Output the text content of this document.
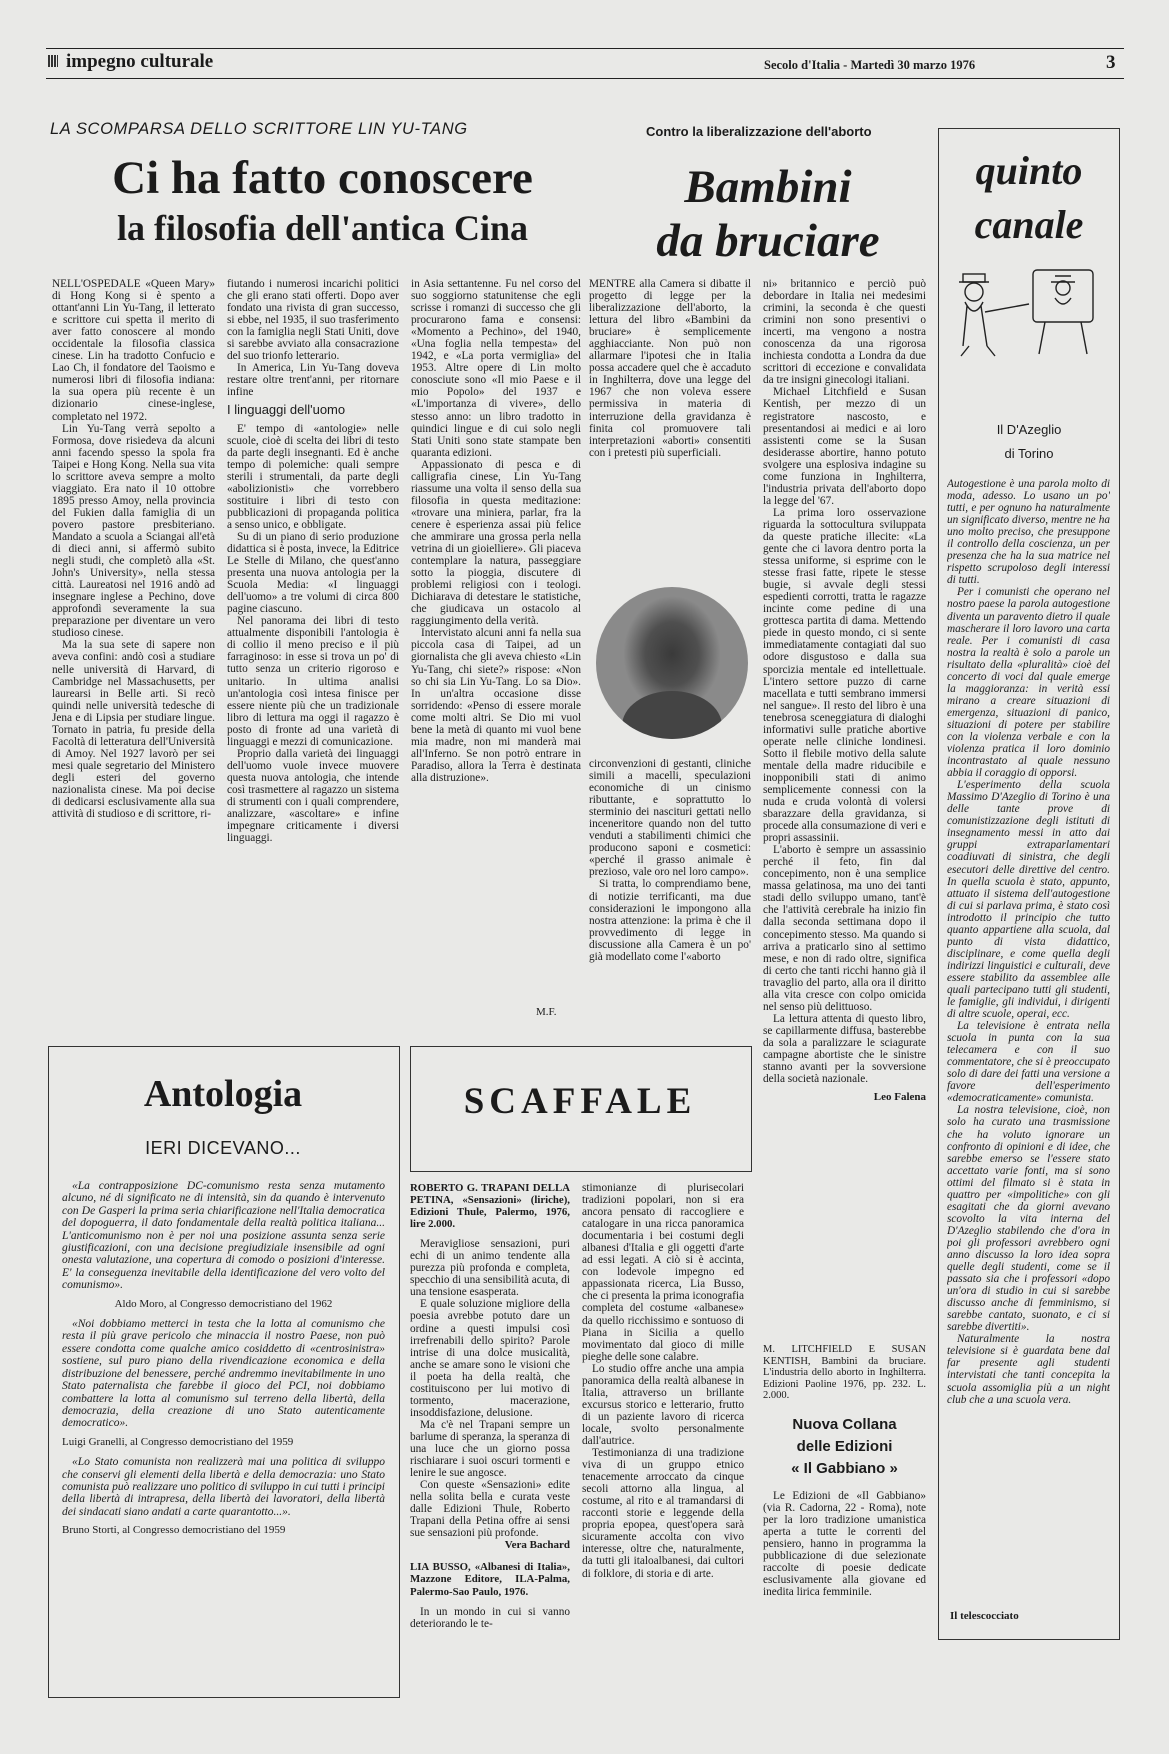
impegno culturale	Secolo d'Italia - Martedì 30 marzo 1976	3
LA SCOMPARSA DELLO SCRITTORE LIN YU-TANG
Ci ha fatto conoscere
la filosofia dell'antica Cina

NELL'OSPEDALE «Queen Mary» di Hong Kong si è spento a ottant'anni Lin Yu-Tang, il letterato e scrittore cui spetta il merito di aver fatto conoscere al mondo occidentale la filosofia classica cinese. Lin ha tradotto Confucio e Lao Ch, il fondatore del Taoismo e numerosi libri di filosofia indiana: la sua opera più recente è un dizionario cinese-inglese, completato nel 1972.

Lin Yu-Tang verrà sepolto a Formosa, dove risiedeva da alcuni anni facendo spesso la spola fra Taipei e Hong Kong. Nella sua vita lo scrittore aveva sempre a molto viaggiato. Era nato il 10 ottobre 1895 presso Amoy, nella provincia del Fukien dalla famiglia di un povero pastore presbiteriano. Mandato a scuola a Sciangai all'età di dieci anni, si affermò subito negli studi, che completò alla «St. John's University», nella stessa città. Laureatosi nel 1916 andò ad insegnare inglese a Pechino, dove approfondì severamente la sua preparazione per diventare un vero studioso cinese.

Ma la sua sete di sapere non aveva confini: andò così a studiare nelle università di Harvard, di Cambridge nel Massachusetts, per laurearsi in Belle arti. Si recò quindi nelle università tedesche di Jena e di Lipsia per studiare lingue. Tornato in patria, fu preside della Facoltà di letteratura dell'Università di Amoy. Nel 1927 lavorò per sei mesi quale segretario del Ministero degli esteri del governo nazionalista cinese. Ma poi decise di dedicarsi esclusivamente alla sua attività di studioso e di scrittore, ri-

fiutando i numerosi incarichi politici che gli erano stati offerti. Dopo aver fondato una rivista di gran successo, si ebbe, nel 1935, il suo trasferimento con la famiglia negli Stati Uniti, dove si sarebbe avviato alla consacrazione del suo trionfo letterario.

In America, Lin Yu-Tang doveva restare oltre trent'anni, per ritornare infine

I linguaggi dell'uomo

E' tempo di «antologie» nelle scuole, cioè di scelta dei libri di testo da parte degli insegnanti. Ed è anche tempo di polemiche: quali sempre sterili i strumentali, da parte degli «abolizionisti» che vorrebbero sostituire i libri di testo con pubblicazioni di propaganda politica a senso unico, e obbligate.

Su di un piano di serio produzione didattica si è posta, invece, la Editrice Le Stelle di Milano, che quest'anno presenta una nuova antologia per la Scuola Media: «I linguaggi dell'uomo» a tre volumi di circa 800 pagine ciascuno.

Nel panorama dei libri di testo attualmente disponibili l'antologia è di collio il meno preciso e il più farraginoso: in esse si trova un po' di tutto senza un criterio rigoroso e unitario. In ultima analisi un'antologia così intesa finisce per essere niente più che un tradizionale libro di lettura ma oggi il ragazzo è posto di fronte ad una varietà di linguaggi e mezzi di comunicazione.

Proprio dalla varietà dei linguaggi dell'uomo vuole invece muovere questa nuova antologia, che intende così trasmettere al ragazzo un sistema di strumenti con i quali comprendere, analizzare, «ascoltare» e infine impegnare criticamente i diversi linguaggi.

in Asia settantenne. Fu nel corso del suo soggiorno statunitense che egli scrisse i romanzi di successo che gli procurarono fama e consensi: «Momento a Pechino», del 1940, «Una foglia nella tempesta» del 1942, e «La porta vermiglia» del 1953. Altre opere di Lin molto conosciute sono «Il mio Paese e il mio Popolo» del 1937 e «L'importanza di vivere», dello stesso anno: un libro tradotto in quindici lingue e di cui solo negli Stati Uniti sono state stampate ben quaranta edizioni.

Appassionato di pesca e di calligrafia cinese, Lin Yu-Tang riassume una volta il senso della sua filosofia in questa meditazione: «trovare una miniera, parlar, fra la cenere è esperienza assai più felice che ammirare una grossa perla nella vetrina di un gioielliere». Gli piaceva contemplare la natura, passeggiare sotto la pioggia, discutere di problemi religiosi con i teologi. Dichiarava di detestare le statistiche, che giudicava un ostacolo al raggiungimento della verità.

Intervistato alcuni anni fa nella sua piccola casa di Taipei, ad un giornalista che gli aveva chiesto «Lin Yu-Tang, chi siete?» rispose: «Non so chi sia Lin Yu-Tang. Lo sa Dio». In un'altra occasione disse sorridendo: «Penso di essere morale come molti altri. Se Dio mi vuol bene la metà di quanto mi vuol bene mia madre, non mi manderà mai all'Inferno. Se non potrò entrare in Paradiso, allora la Terra è destinata alla distruzione».

M.F.
Contro la liberalizzazione dell'aborto
Bambini
da bruciare

MENTRE alla Camera si dibatte il progetto di legge per la liberalizzazione dell'aborto, la lettura del libro «Bambini da bruciare» è semplicemente agghiacciante. Non può non allarmare l'ipotesi che in Italia possa accadere quel che è accaduto in Inghilterra, dove una legge del 1967 che non voleva essere permissiva in materia di interruzione della gravidanza è finita col promuovere tali interpretazioni «aborti» consentiti con i pretesti più superficiali.

circonvenzioni di gestanti, cliniche simili a macelli, speculazioni economiche di un cinismo ributtante, e soprattutto lo sterminio dei nascituri gettati nello inceneritore quando non del tutto venduti a stabilimenti chimici che producono saponi e cosmetici: «perché il grasso animale è prezioso, vale oro nel loro campo».

Si tratta, lo comprendiamo bene, di notizie terrificanti, ma due considerazioni le impongono alla nostra attenzione: la prima è che il provvedimento di legge in discussione alla Camera è un po' già modellato come l'«aborto

ni» britannico e perciò può debordare in Italia nei medesimi crimini, la seconda è che questi crimini non sono presentivi o incerti, ma vengono a nostra conoscenza da una rigorosa inchiesta condotta a Londra da due scrittori di eccezione e convalidata da tre insigni ginecologi italiani.

Michael Litchfield e Susan Kentish, per mezzo di un registratore nascosto, e presentandosi ai medici e ai loro assistenti come se la Susan desiderasse abortire, hanno potuto svolgere una esplosiva indagine su come funziona in Inghilterra, l'industria privata dell'aborto dopo la legge del '67.

La prima loro osservazione riguarda la sottocultura sviluppata da queste pratiche illecite: «La gente che ci lavora dentro porta la stessa uniforme, si esprime con le stesse frasi fatte, ripete le stesse bugie, si avvale degli stessi espedienti corrotti, tratta le ragazze incinte come pedine di una grottesca partita di dama. Mettendo piede in questo mondo, ci si sente immediatamente contagiati dal suo odore disgustoso e dalla sua sporcizia mentale ed intellettuale. L'intero settore puzzo di carne macellata e tutti sembrano immersi nel sangue». Il resto del libro è una tenebrosa sceneggiatura di dialoghi informativi sulle pratiche abortive operate nelle cliniche londinesi. Sotto il flebile motivo della salute mentale della madre riducibile e inopponibili stati di animo semplicemente connessi con la nuda e cruda volontà di volersi sbarazzare della gravidanza, si procede alla consumazione di veri e propri assassinii.

L'aborto è sempre un assassinio perché il feto, fin dal concepimento, non è una semplice massa gelatinosa, ma uno dei tanti stadi dello sviluppo umano, tant'è che l'attività cerebrale ha inizio fin dalla seconda settimana dopo il concepimento stesso. Ma quando si arriva a praticarlo sino al settimo mese, e non di rado oltre, significa di certo che tanti ricchi hanno già il travaglio del parto, alla ora il diritto alla vita cresce con colpo omicida nel senso più delittuoso.

La lettura attenta di questo libro, se capillarmente diffusa, basterebbe da sola a paralizzare le sciagurate campagne abortiste che le sinistre stanno avanti per la sovversione della società nazionale.

Leo Falena

M. LITCHFIELD E SUSAN KENTISH, Bambini da bruciare. L'industria dello aborto in Inghilterra. Edizioni Paoline 1976, pp. 232. L. 2.000.
quinto
canale
Il D'Azeglio
di Torino

Autogestione è una parola molto di moda, adesso. Lo usano un po' tutti, e per ognuno ha naturalmente un significato diverso, mentre ne ha uno molto preciso, che presuppone il controllo della coscienza, un per presenza che ha la sua matrice nel rispetto scrupoloso degli interessi di tutti.

Per i comunisti che operano nel nostro paese la parola autogestione diventa un paravento dietro il quale mascherare il loro lavoro una carta reale. Per i comunisti di casa nostra la realtà è solo a parole un risultato della «pluralità» cioè del concerto di voci dal quale emerge la maggioranza: in verità essi mirano a creare situazioni di emergenza, situazioni di panico, situazioni di potere per stabilire con la violenza verbale e con la violenza pratica il loro dominio incontrastato al quale nessuno abbia il coraggio di opporsi.

L'esperimento della scuola Massimo D'Azeglio di Torino è una delle tante prove di comunistizzazione degli istituti di insegnamento messi in atto dai gruppi extraparlamentari coadiuvati di sinistra, che degli esecutori delle direttive del centro. In quella scuola è stato, appunto, attuato il sistema dell'autogestione di cui si parlava prima, è stato così introdotto il principio che tutto quanto appartiene alla scuola, dal punto di vista didattico, disciplinare, e come quella degli indirizzi linguistici e culturali, deve essere stabilito da assemblee alle quali partecipano tutti gli studenti, le famiglie, gli individui, i dirigenti di altre scuole, operai, ecc.

La televisione è entrata nella scuola in punta con la sua telecamera e con il suo commentatore, che si è preoccupato solo di dare dei fatti una versione a favore dell'esperimento «democraticamente» comunista.

La nostra televisione, cioè, non solo ha curato una trasmissione che ha voluto ignorare un confronto di opinioni e di idee, che sarebbe emerso se l'essere stato accettato varie fonti, ma si sono ottimi del filmato si è stata in quattro per «impolitiche» con gli esagitati che da giorni avevano scovolto la vita interna del D'Azeglio stabilendo che d'ora in poi gli professori avrebbero ogni anno discusso la loro idea sopra quelle degli studenti, come se il passato sia che i professori «dopo un'ora di studio in cui si sarebbe discusso anche di femminismo, si sarebbe cantato, suonato, e ci si sarebbe divertiti».

Naturalmente la nostra televisione si è guardata bene dal far presente agli studenti intervistati che tanti concepita la scuola assomiglia più a un night club che a una scuola vera.

Il telescocciato
Antologia
IERI DICEVANO...

«La contrapposizione DC-comunismo resta senza mutamento alcuno, né di significato ne di intensità, sin da quando è intervenuto con De Gasperi la prima seria chiarificazione nell'Italia democratica del dopoguerra, il dato fondamentale della realtà politica italiana... L'anticomunismo non è per noi una posizione assunta senza serie giustificazioni, con una decisione pregiudiziale insensibile ad ogni onesta valutazione, una copertura di comodo o posizioni d'interesse. E' la conseguenza inevitabile della identificazione del vero volto del comunismo».

Aldo Moro, al Congresso democristiano del 1962

«Noi dobbiamo metterci in testa che la lotta al comunismo che resta il più grave pericolo che minaccia il nostro Paese, non può essere condotta come qualche amico cosiddetto di «centrosinistra» sostiene, sul puro piano della rivendicazione economica e della distribuzione del benessere, perché andremmo inevitabilmente in uno Stato paternalista che farebbe il gioco del PCI, noi dobbiamo combattere la lotta al comunismo sul terreno della libertà, della democrazia, della creazione di uno Stato autenticamente democratico».

Luigi Granelli, al Congresso democristiano del 1959

«Lo Stato comunista non realizzerà mai una politica di sviluppo che conservi gli elementi della libertà e della democrazia: uno Stato comunista può realizzare uno politico di sviluppo in cui tutti i principi della libertà di intrapresa, della libertà dei lavoratori, della libertà dei sindacati siano andati a carte quarantotto...».

Bruno Storti, al Congresso democristiano del 1959

SCAFFALE

ROBERTO G. TRAPANI DELLA PETINA, «Sensazioni» (liriche), Edizioni Thule, Palermo, 1976, lire 2.000.

Meravigliose sensazioni, puri echi di un animo tendente alla purezza più profonda e completa, specchio di una sensibilità acuta, di una tensione esasperata.

E quale soluzione migliore della poesia avrebbe potuto dare un ordine a questi impulsi così irrefrenabili dello spirito? Parole intrise di una dolce musicalità, anche se amare sono le visioni che il poeta ha della realtà, che costituiscono per lui motivo di tormento, macerazione, insoddisfazione, delusione.

Ma c'è nel Trapani sempre un barlume di speranza, la speranza di una luce che un giorno possa rischiarare i suoi oscuri tormenti e lenire le sue angosce.

Con queste «Sensazioni» edite nella solita bella e curata veste dalle Edizioni Thule, Roberto Trapani della Petina offre ai sensi sue sensazioni più profonde.

Vera Bachard

LIA BUSSO, «Albanesi di Italia», Mazzone Editore, ILA-Palma, Palermo-Sao Paulo, 1976.

In un mondo in cui si vanno deteriorando le te-

stimonianze di plurisecolari tradizioni popolari, non si era ancora pensato di raccogliere e catalogare in una ricca panoramica documentaria i bei costumi degli albanesi d'Italia e gli oggetti d'arte ad essi legati. A ciò si è accinta, con lodevole impegno ed appassionata ricerca, Lia Busso, che ci presenta la prima iconografia completa del costume «albanese» da quello ricchissimo e sontuoso di Piana in Sicilia a quello movimentato dal gioco di mille pieghe delle sone calabre.

Lo studio offre anche una ampia panoramica della realtà albanese in Italia, attraverso un brillante excursus storico e letterario, frutto di un paziente lavoro di ricerca locale, svolto personalmente dall'autrice.

Testimonianza di una tradizione viva di un gruppo etnico tenacemente arroccato da cinque secoli attorno alla lingua, al costume, al rito e al tramandarsi di racconti storie e leggende della propria epopea, quest'opera sarà sicuramente accolta con vivo interesse, oltre che, naturalmente, da tutti gli italoalbanesi, dai cultori di folklore, di storia e di arte.

Nuova Collana
delle Edizioni
« Il Gabbiano »

Le Edizioni de «Il Gabbiano» (via R. Cadorna, 22 - Roma), note per la loro tradizione umanistica aperta a tutte le correnti del pensiero, hanno in programma la pubblicazione di due selezionate raccolte di poesie dedicate esclusivamente alla giovane ed inedita lirica femminile.
